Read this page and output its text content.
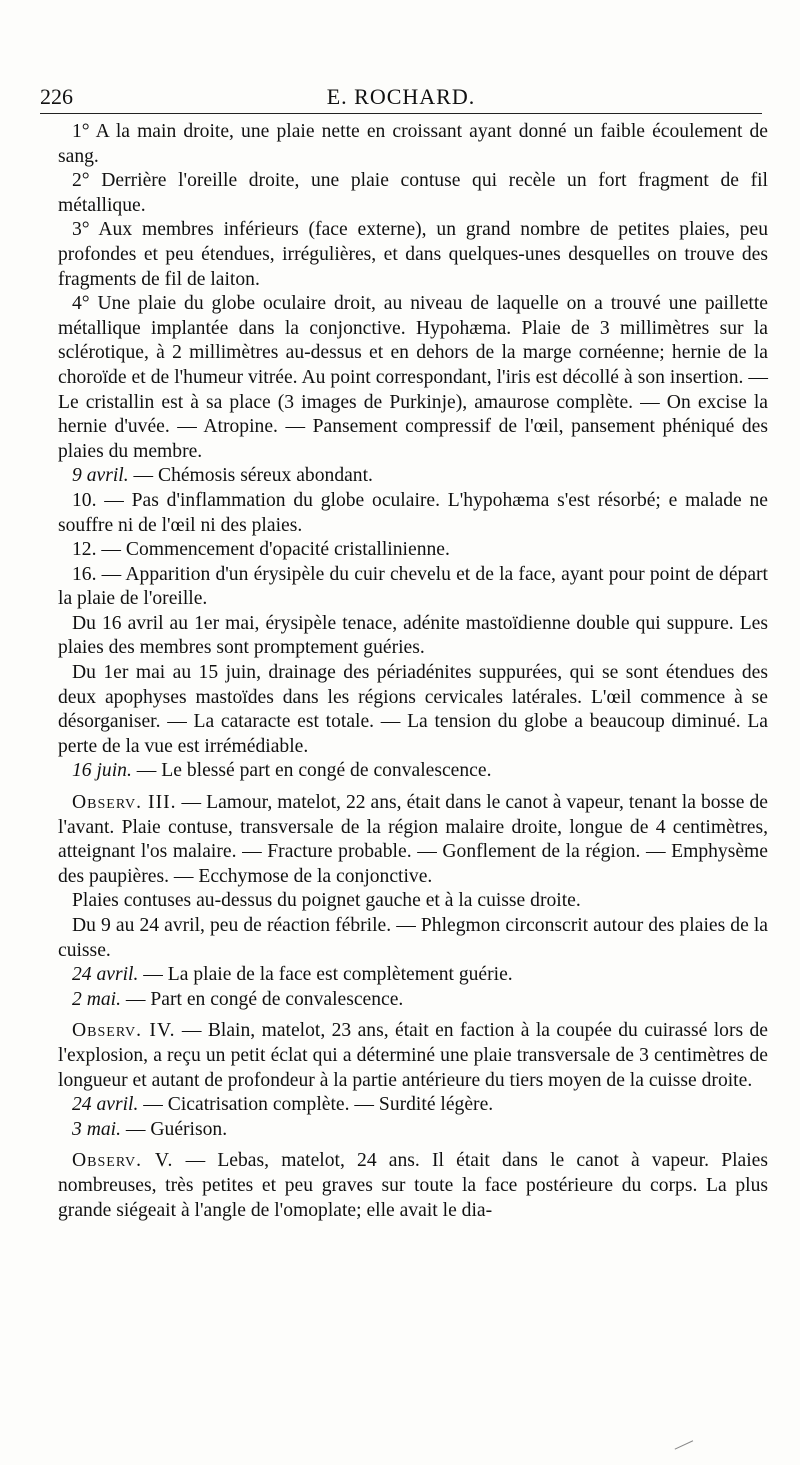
226	E. ROCHARD.

1° A la main droite, une plaie nette en croissant ayant donné un faible écoulement de sang.

2° Derrière l'oreille droite, une plaie contuse qui recèle un fort fragment de fil métallique.

3° Aux membres inférieurs (face externe), un grand nombre de petites plaies, peu profondes et peu étendues, irrégulières, et dans quelques-unes desquelles on trouve des fragments de fil de laiton.

4° Une plaie du globe oculaire droit, au niveau de laquelle on a trouvé une paillette métallique implantée dans la conjonctive. Hypohæma. Plaie de 3 millimètres sur la sclérotique, à 2 millimètres au-dessus et en dehors de la marge cornéenne; hernie de la choroïde et de l'humeur vitrée. Au point correspondant, l'iris est décollé à son insertion. — Le cristallin est à sa place (3 images de Purkinje), amaurose complète. — On excise la hernie d'uvée. — Atropine. — Pansement compressif de l'œil, pansement phéniqué des plaies du membre.

9 avril. — Chémosis séreux abondant.

10. — Pas d'inflammation du globe oculaire. L'hypohæma s'est résorbé; e malade ne souffre ni de l'œil ni des plaies.

12. — Commencement d'opacité cristallinienne.

16. — Apparition d'un érysipèle du cuir chevelu et de la face, ayant pour point de départ la plaie de l'oreille.

Du 16 avril au 1er mai, érysipèle tenace, adénite mastoïdienne double qui suppure. Les plaies des membres sont promptement guéries.

Du 1er mai au 15 juin, drainage des périadénites suppurées, qui se sont étendues des deux apophyses mastoïdes dans les régions cervicales latérales. L'œil commence à se désorganiser. — La cataracte est totale. — La tension du globe a beaucoup diminué. La perte de la vue est irrémédiable.

16 juin. — Le blessé part en congé de convalescence.

Observ. III. — Lamour, matelot, 22 ans, était dans le canot à vapeur, tenant la bosse de l'avant. Plaie contuse, transversale de la région malaire droite, longue de 4 centimètres, atteignant l'os malaire. — Fracture probable. — Gonflement de la région. — Emphysème des paupières. — Ecchymose de la conjonctive.

Plaies contuses au-dessus du poignet gauche et à la cuisse droite.

Du 9 au 24 avril, peu de réaction fébrile. — Phlegmon circonscrit autour des plaies de la cuisse.

24 avril. — La plaie de la face est complètement guérie.

2 mai. — Part en congé de convalescence.

Observ. IV. — Blain, matelot, 23 ans, était en faction à la coupée du cuirassé lors de l'explosion, a reçu un petit éclat qui a déterminé une plaie transversale de 3 centimètres de longueur et autant de profondeur à la partie antérieure du tiers moyen de la cuisse droite.

24 avril. — Cicatrisation complète. — Surdité légère.

3 mai. — Guérison.

Observ. V. — Lebas, matelot, 24 ans. Il était dans le canot à vapeur. Plaies nombreuses, très petites et peu graves sur toute la face postérieure du corps. La plus grande siégeait à l'angle de l'omoplate; elle avait le dia-
